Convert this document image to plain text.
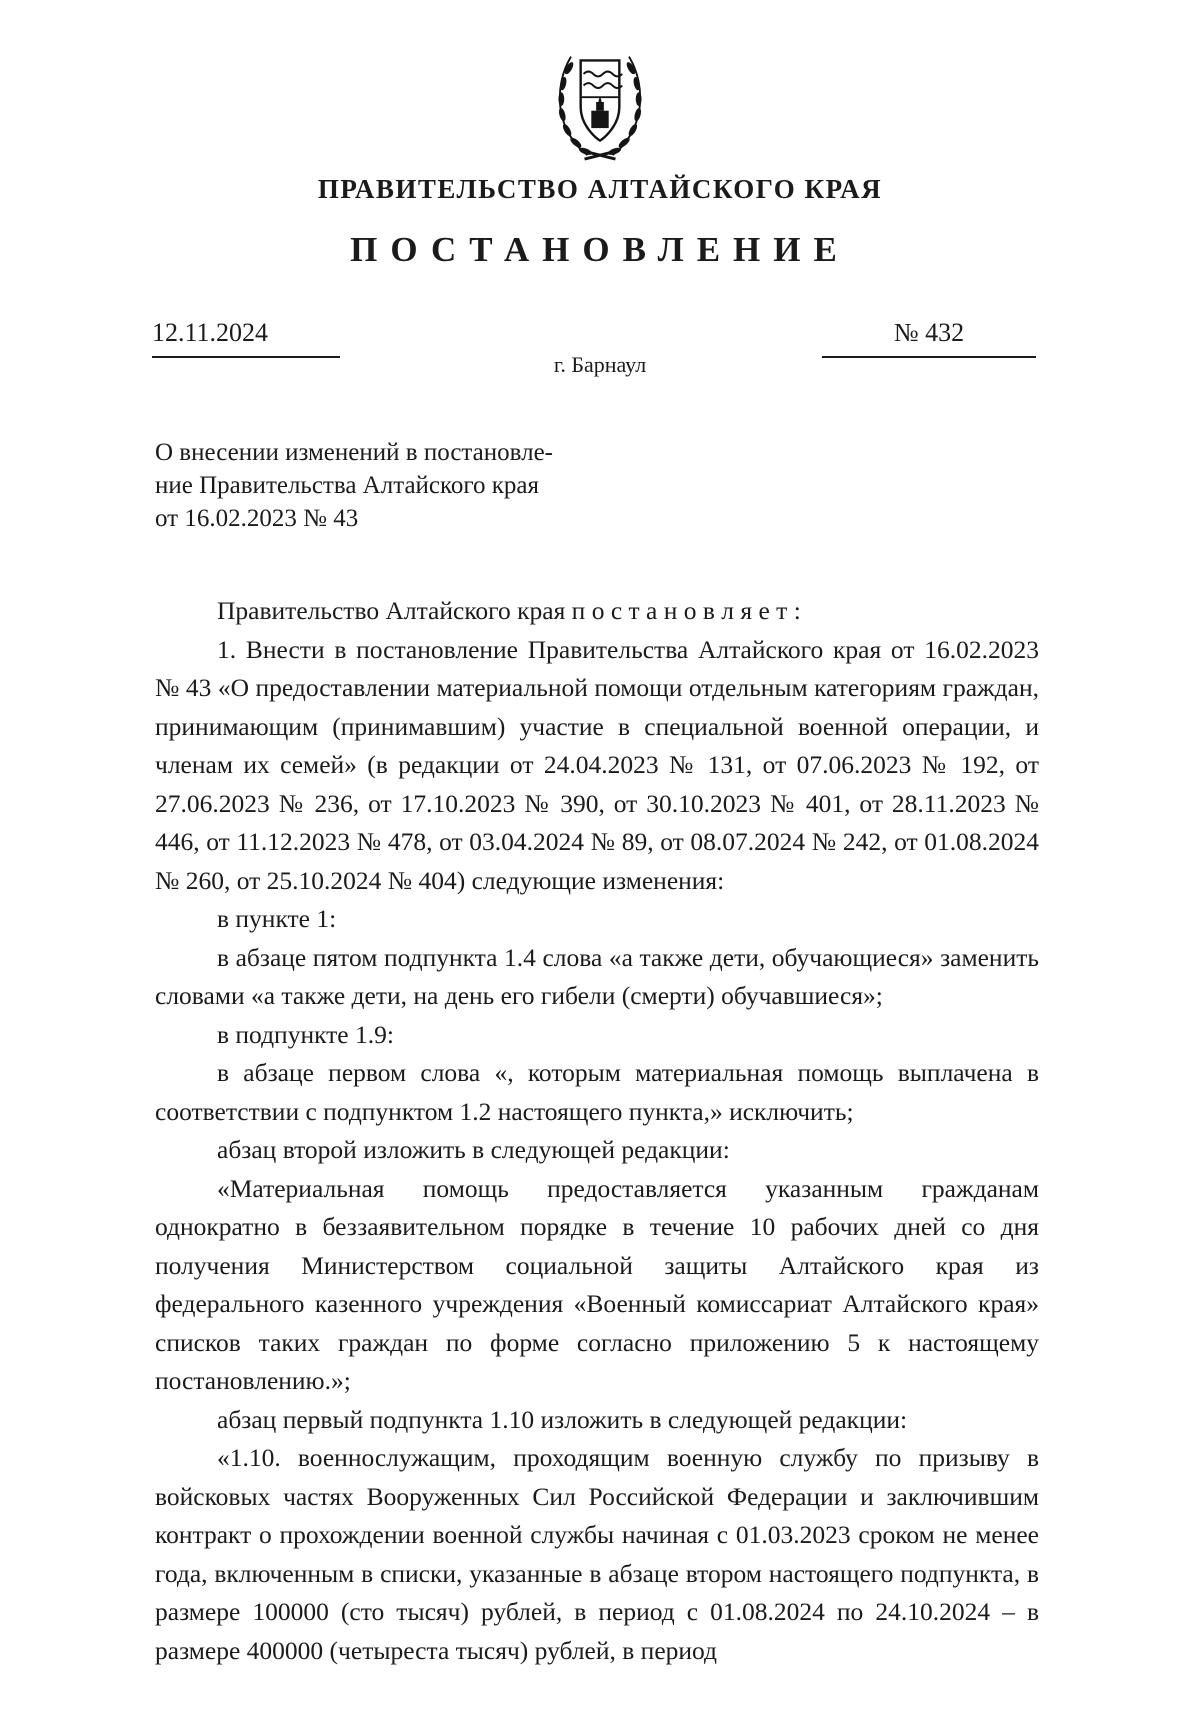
ПРАВИТЕЛЬСТВО АЛТАЙСКОГО КРАЯ
ПОСТАНОВЛЕНИЕ
12.11.2024	№ 432
г. Барнаул
О внесении изменений в постановле-
ние Правительства Алтайского края
от 16.02.2023 № 43

Правительство Алтайского края п о с т а н о в л я е т :

1. Внести в постановление Правительства Алтайского края от 16.02.2023 № 43 «О предоставлении материальной помощи отдельным категориям граждан, принимающим (принимавшим) участие в специальной военной операции, и членам их семей» (в редакции от 24.04.2023 № 131, от 07.06.2023 № 192, от 27.06.2023 № 236, от 17.10.2023 № 390, от 30.10.2023 № 401, от 28.11.2023 № 446, от 11.12.2023 № 478, от 03.04.2024 № 89, от 08.07.2024 № 242, от 01.08.2024 № 260, от 25.10.2024 № 404) следующие изменения:

в пункте 1:

в абзаце пятом подпункта 1.4 слова «а также дети, обучающиеся» заменить словами «а также дети, на день его гибели (смерти) обучавшиеся»;

в подпункте 1.9:

в абзаце первом слова «, которым материальная помощь выплачена в соответствии с подпунктом 1.2 настоящего пункта,» исключить;

абзац второй изложить в следующей редакции:

«Материальная помощь предоставляется указанным гражданам однократно в беззаявительном порядке в течение 10 рабочих дней со дня получения Министерством социальной защиты Алтайского края из федерального казенного учреждения «Военный комиссариат Алтайского края» списков таких граждан по форме согласно приложению 5 к настоящему постановлению.»;

абзац первый подпункта 1.10 изложить в следующей редакции:

«1.10. военнослужащим, проходящим военную службу по призыву в войсковых частях Вооруженных Сил Российской Федерации и заключившим контракт о прохождении военной службы начиная с 01.03.2023 сроком не менее года, включенным в списки, указанные в абзаце втором настоящего подпункта, в размере 100000 (сто тысяч) рублей, в период с 01.08.2024 по 24.10.2024 – в размере 400000 (четыреста тысяч) рублей, в период
